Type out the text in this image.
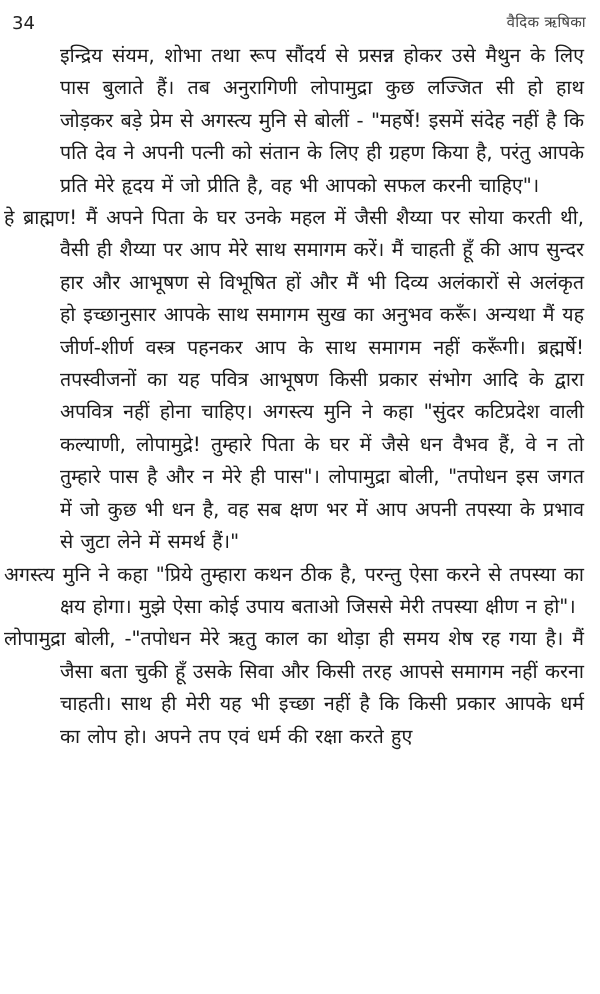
34	वैदिक ऋषिका

इन्द्रिय संयम, शोभा तथा रूप सौंदर्य से प्रसन्न होकर उसे मैथुन के लिए पास बुलाते हैं। तब अनुरागिणी लोपामुद्रा कुछ लज्जित सी हो हाथ जोड़कर बड़े प्रेम से अगस्त्य मुनि से बोलीं - "महर्षे! इसमें संदेह नहीं है कि पति देव ने अपनी पत्नी को संतान के लिए ही ग्रहण किया है, परंतु आपके प्रति मेरे हृदय में जो प्रीति है, वह भी आपको सफल करनी चाहिए"।

हे ब्राह्मण! मैं अपने पिता के घर उनके महल में जैसी शैय्या पर सोया करती थी, वैसी ही शैय्या पर आप मेरे साथ समागम करें। मैं चाहती हूँ की आप सुन्दर हार और आभूषण से विभूषित हों और मैं भी दिव्य अलंकारों से अलंकृत हो इच्छानुसार आपके साथ समागम सुख का अनुभव करूँ। अन्यथा मैं यह जीर्ण-शीर्ण वस्त्र पहनकर आप के साथ समागम नहीं करूँगी। ब्रह्मर्षे! तपस्वीजनों का यह पवित्र आभूषण किसी प्रकार संभोग आदि के द्वारा अपवित्र नहीं होना चाहिए। अगस्त्य मुनि ने कहा "सुंदर कटिप्रदेश वाली कल्याणी, लोपामुद्रे! तुम्हारे पिता के घर में जैसे धन वैभव हैं, वे न तो तुम्हारे पास है और न मेरे ही पास"। लोपामुद्रा बोली, "तपोधन इस जगत में जो कुछ भी धन है, वह सब क्षण भर में आप अपनी तपस्या के प्रभाव से जुटा लेने में समर्थ हैं।"

अगस्त्य मुनि ने कहा "प्रिये तुम्हारा कथन ठीक है, परन्तु ऐसा करने से तपस्या का क्षय होगा। मुझे ऐसा कोई उपाय बताओ जिससे मेरी तपस्या क्षीण न हो"।

लोपामुद्रा बोली, -"तपोधन मेरे ऋतु काल का थोड़ा ही समय शेष रह गया है। मैं जैसा बता चुकी हूँ उसके सिवा और किसी तरह आपसे समागम नहीं करना चाहती। साथ ही मेरी यह भी इच्छा नहीं है कि किसी प्रकार आपके धर्म का लोप हो। अपने तप एवं धर्म की रक्षा करते हुए
